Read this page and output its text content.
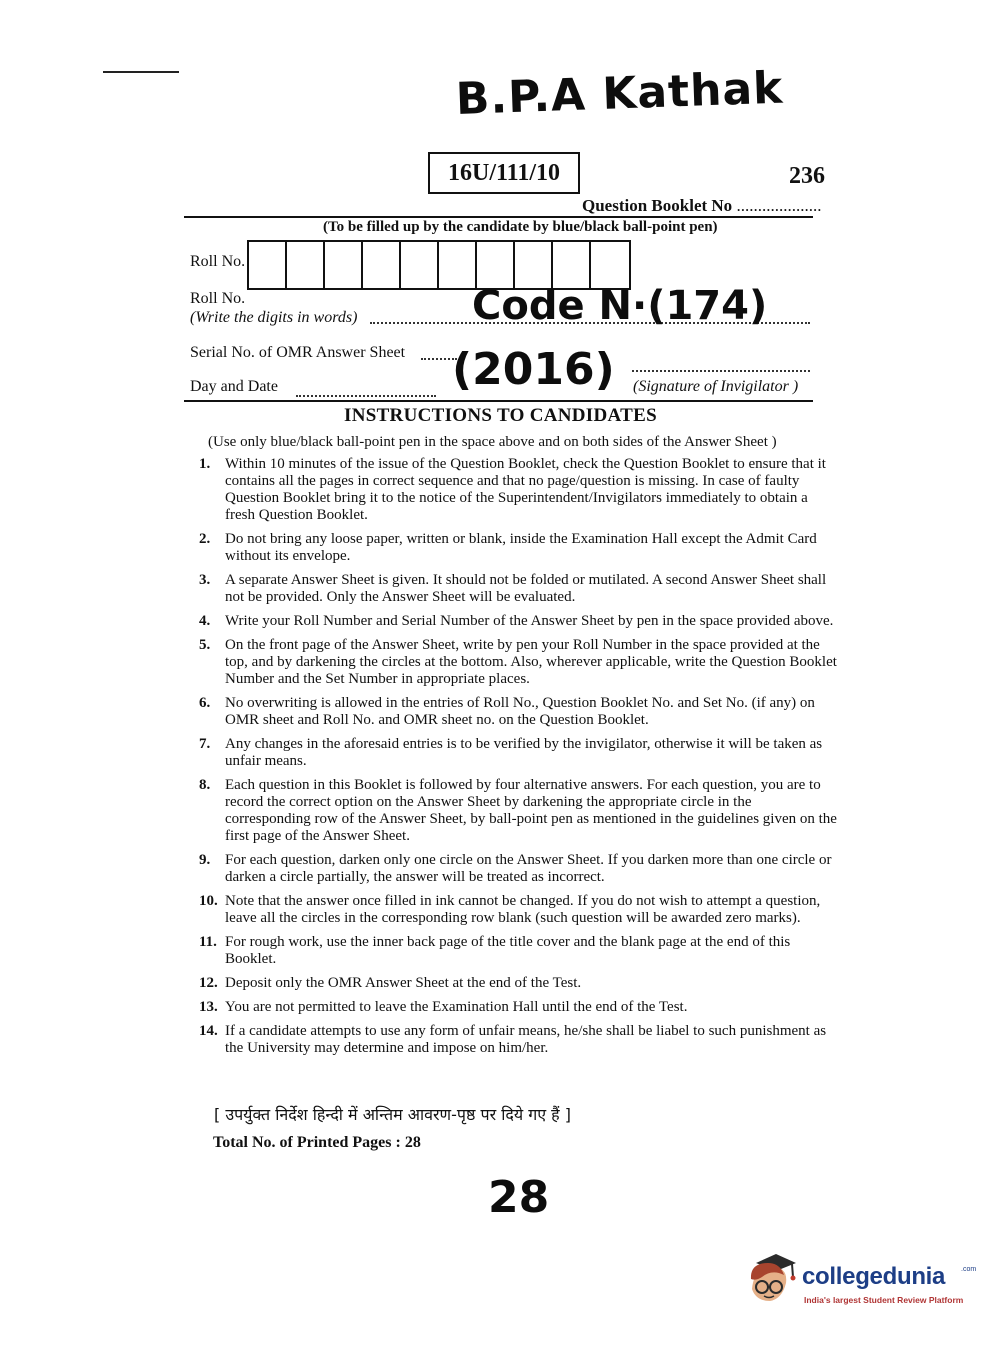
B.P.A Kathak
16U/111/10	236
Question Booklet No ....................
(To be filled up by the candidate by blue/black ball-point pen)
Roll No.
Roll No.
(Write the digits in words)	Code N·(174)
Serial No. of OMR Answer Sheet (2016)
Day and Date	(Signature of Invigilator )
INSTRUCTIONS TO CANDIDATES
(Use only blue/black ball-point pen in the space above and on both sides of the Answer Sheet )
1. Within 10 minutes of the issue of the Question Booklet, check the Question Booklet to ensure that it contains all the pages in correct sequence and that no page/question is missing. In case of faulty Question Booklet bring it to the notice of the Superintendent/Invigilators immediately to obtain a fresh Question Booklet.
2. Do not bring any loose paper, written or blank, inside the Examination Hall except the Admit Card without its envelope.
3. A separate Answer Sheet is given. It should not be folded or mutilated. A second Answer Sheet shall not be provided. Only the Answer Sheet will be evaluated.
4. Write your Roll Number and Serial Number of the Answer Sheet by pen in the space provided above.
5. On the front page of the Answer Sheet, write by pen your Roll Number in the space provided at the top, and by darkening the circles at the bottom. Also, wherever applicable, write the Question Booklet Number and the Set Number in appropriate places.
6. No overwriting is allowed in the entries of Roll No., Question Booklet No. and Set No. (if any) on OMR sheet and Roll No. and OMR sheet no. on the Question Booklet.
7. Any changes in the aforesaid entries is to be verified by the invigilator, otherwise it will be taken as unfair means.
8. Each question in this Booklet is followed by four alternative answers. For each question, you are to record the correct option on the Answer Sheet by darkening the appropriate circle in the corresponding row of the Answer Sheet, by ball-point pen as mentioned in the guidelines given on the first page of the Answer Sheet.
9. For each question, darken only one circle on the Answer Sheet. If you darken more than one circle or darken a circle partially, the answer will be treated as incorrect.
10. Note that the answer once filled in ink cannot be changed. If you do not wish to attempt a question, leave all the circles in the corresponding row blank (such question will be awarded zero marks).
11. For rough work, use the inner back page of the title cover and the blank page at the end of this Booklet.
12. Deposit only the OMR Answer Sheet at the end of the Test.
13. You are not permitted to leave the Examination Hall until the end of the Test.
14. If a candidate attempts to use any form of unfair means, he/she shall be liabel to such punishment as the University may determine and impose on him/her.
[ उपर्युक्त निर्देश हिन्दी में अन्तिम आवरण-पृष्ठ पर दिये गए हैं ]
Total No. of Printed Pages : 28
28
collegedunia .com
India's largest Student Review Platform
